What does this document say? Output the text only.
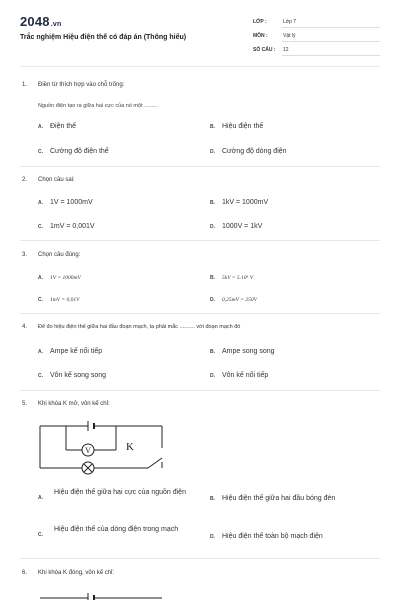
2048.vn
Trắc nghiệm Hiệu điện thế có đáp án (Thông hiểu)
LỚP :	Lớp 7
MÔN :	Vật lý
SỐ CÂU : 12
1. Điền từ thích hợp vào chỗ trống:
Nguồn điện tạo ra giữa hai cực của nó một .........
A. Điện thế	B. Hiệu điện thế
C. Cường độ điện thế	D. Cường độ dòng điện
2. Chọn câu sai:
A. 1V = 1000mV	B. 1kV = 1000mV
C. 1mV = 0,001V	D. 1000V = 1kV
3. Chọn câu đúng:
A. 1V = 1000mV	B. 5kV = 5.10⁶ V
C. 1mV = 0,01V	D. 0,25mV = 250V
4. Để đo hiệu điện thế giữa hai đầu đoạn mạch, ta phải mắc .......... với đoạn mạch đó
A. Ampe kế nối tiếp	B. Ampe song song
C. Vôn kế song song	D. Vôn kế nối tiếp
5. Khi khóa K mở, vôn kế chỉ:
V	K
A.
Hiệu điện thế giữa hai cực của nguồn điện
B. Hiệu điện thế giữa hai đầu bóng đèn
C.
Hiệu điện thế của dòng điện trong mạch
D. Hiệu điện thế toàn bộ mạch điện
6. Khi khóa K đóng, vôn kế chỉ:
